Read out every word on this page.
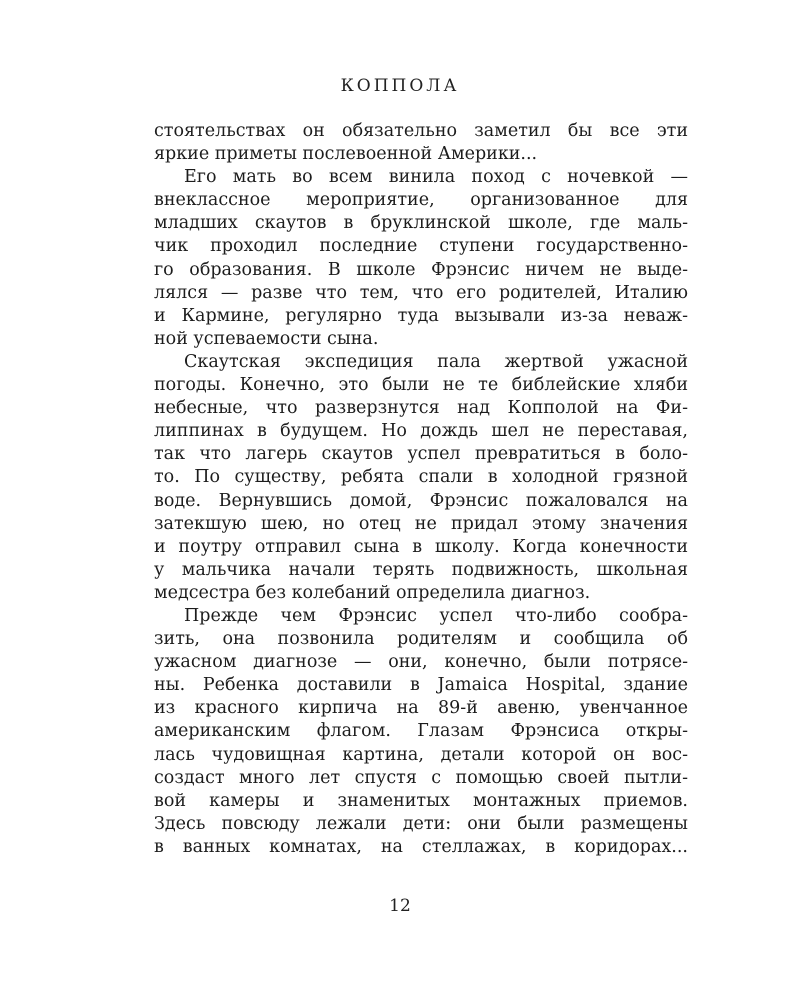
КОППОЛА
стоятельствах он обязательно заметил бы все эти
яркие приметы послевоенной Америки...
Его мать во всем винила поход с ночевкой —
внеклассное мероприятие, организованное для
младших скаутов в бруклинской школе, где маль-
чик проходил последние ступени государственно-
го образования. В школе Фрэнсис ничем не выде-
лялся — разве что тем, что его родителей, Италию
и Кармине, регулярно туда вызывали из-за неваж-
ной успеваемости сына.
Скаутская экспедиция пала жертвой ужасной
погоды. Конечно, это были не те библейские хляби
небесные, что разверзнутся над Копполой на Фи-
липпинах в будущем. Но дождь шел не переставая,
так что лагерь скаутов успел превратиться в боло-
то. По существу, ребята спали в холодной грязной
воде. Вернувшись домой, Фрэнсис пожаловался на
затекшую шею, но отец не придал этому значения
и поутру отправил сына в школу. Когда конечности
у мальчика начали терять подвижность, школьная
медсестра без колебаний определила диагноз.
Прежде чем Фрэнсис успел что-либо сообра-
зить, она позвонила родителям и сообщила об
ужасном диагнозе — они, конечно, были потрясе-
ны. Ребенка доставили в Jamaica Hospital, здание
из красного кирпича на 89-й авеню, увенчанное
американским флагом. Глазам Фрэнсиса откры-
лась чудовищная картина, детали которой он вос-
создаст много лет спустя с помощью своей пытли-
вой камеры и знаменитых монтажных приемов.
Здесь повсюду лежали дети: они были размещены
в ванных комнатах, на стеллажах, в коридорах...
12
